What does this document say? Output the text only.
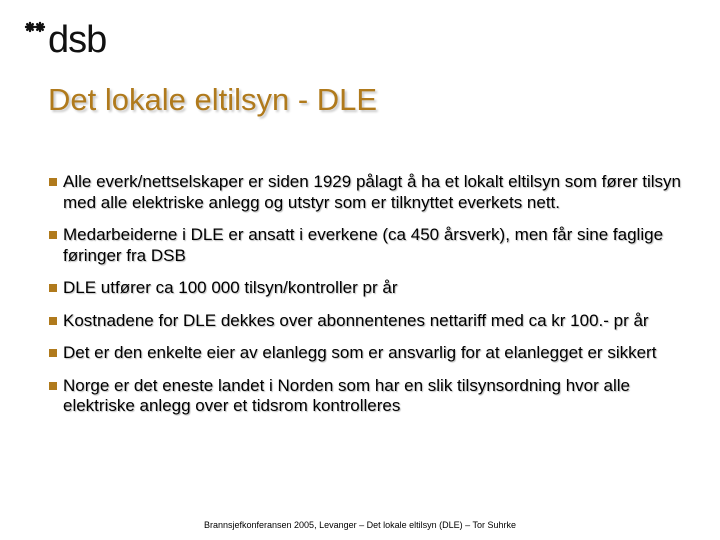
dsb
Det lokale eltilsyn - DLE
Alle everk/nettselskaper er siden 1929 pålagt å ha et lokalt eltilsyn som fører tilsyn med alle elektriske anlegg og utstyr som er tilknyttet everkets nett.
Medarbeiderne i DLE er ansatt i everkene (ca 450 årsverk), men får sine faglige føringer fra DSB
DLE utfører ca 100 000 tilsyn/kontroller pr år
Kostnadene for DLE dekkes over abonnentenes nettariff med ca kr 100.- pr år
Det er den enkelte eier av elanlegg som er ansvarlig for at elanlegget er sikkert
Norge er det eneste landet i Norden som har en slik tilsynsordning hvor alle elektriske anlegg over et tidsrom kontrolleres
Brannsjefkonferansen 2005, Levanger – Det lokale eltilsyn (DLE) – Tor Suhrke
